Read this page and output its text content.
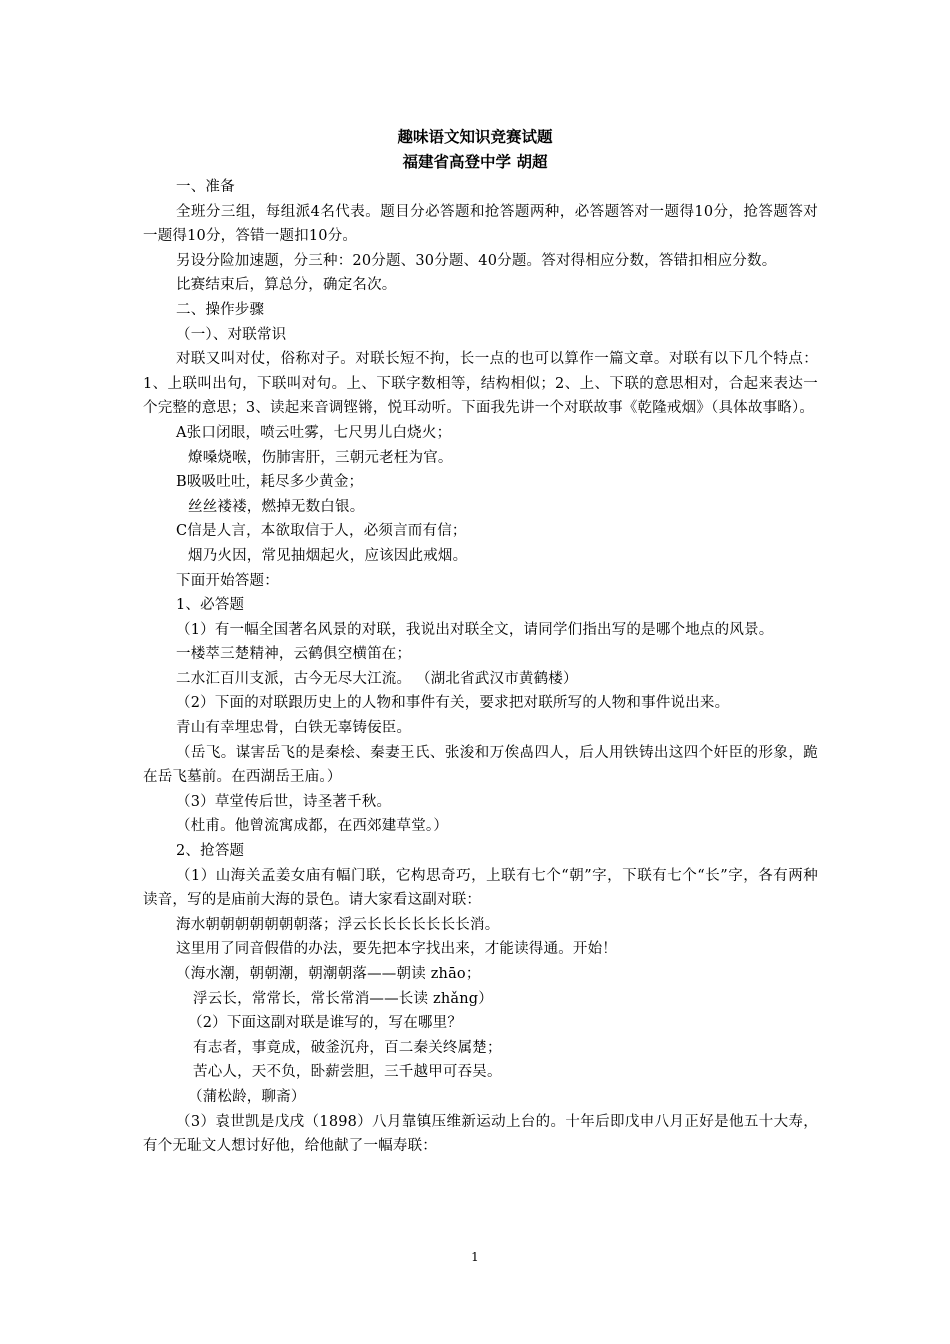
趣味语文知识竞赛试题
福建省高登中学 胡超

一、准备

全班分三组，每组派4名代表。题目分必答题和抢答题两种，必答题答对一题得10分，抢答题答对一题得10分，答错一题扣10分。

另设分险加速题，分三种：20分题、30分题、40分题。答对得相应分数，答错扣相应分数。

比赛结束后，算总分，确定名次。

二、操作步骤

（一）、对联常识

对联又叫对仗，俗称对子。对联长短不拘，长一点的也可以算作一篇文章。对联有以下几个特点：1、上联叫出句，下联叫对句。上、下联字数相等，结构相似；2、上、下联的意思相对，合起来表达一个完整的意思；3、读起来音调铿锵，悦耳动听。下面我先讲一个对联故事《乾隆戒烟》（具体故事略）。

A张口闭眼，喷云吐雾，七尺男儿白烧火；

燎嗓烧喉，伤肺害肝，三朝元老枉为官。

B吸吸吐吐，耗尽多少黄金；

丝丝褛褛，燃掉无数白银。

C信是人言，本欲取信于人，必须言而有信；

烟乃火因，常见抽烟起火，应该因此戒烟。

下面开始答题：

1、必答题

（1）有一幅全国著名风景的对联，我说出对联全文，请同学们指出写的是哪个地点的风景。

一楼萃三楚精神，云鹤俱空横笛在；

二水汇百川支派，古今无尽大江流。 （湖北省武汉市黄鹤楼）

（2）下面的对联跟历史上的人物和事件有关，要求把对联所写的人物和事件说出来。

青山有幸埋忠骨，白铁无辜铸佞臣。

（岳飞。谋害岳飞的是秦桧、秦妻王氏、张浚和万俟卨四人，后人用铁铸出这四个奸臣的形象，跪在岳飞墓前。在西湖岳王庙。）

（3）草堂传后世，诗圣著千秋。

（杜甫。他曾流寓成都，在西郊建草堂。）

2、抢答题

（1）山海关孟姜女庙有幅门联，它构思奇巧，上联有七个“朝”字，下联有七个“长”字，各有两种读音，写的是庙前大海的景色。请大家看这副对联：

海水朝朝朝朝朝朝朝落；浮云长长长长长长长消。

这里用了同音假借的办法，要先把本字找出来，才能读得通。开始！

（海水潮，朝朝潮，朝潮朝落——朝读 zhāo；

浮云长，常常长，常长常消——长读 zhǎng）

（2）下面这副对联是谁写的，写在哪里？

有志者，事竟成，破釜沉舟，百二秦关终属楚；

苦心人，天不负，卧薪尝胆，三千越甲可吞吴。

（蒲松龄，聊斋）

（3）袁世凯是戊戌（1898）八月靠镇压维新运动上台的。十年后即戊申八月正好是他五十大寿，有个无耻文人想讨好他，给他献了一幅寿联：

1
